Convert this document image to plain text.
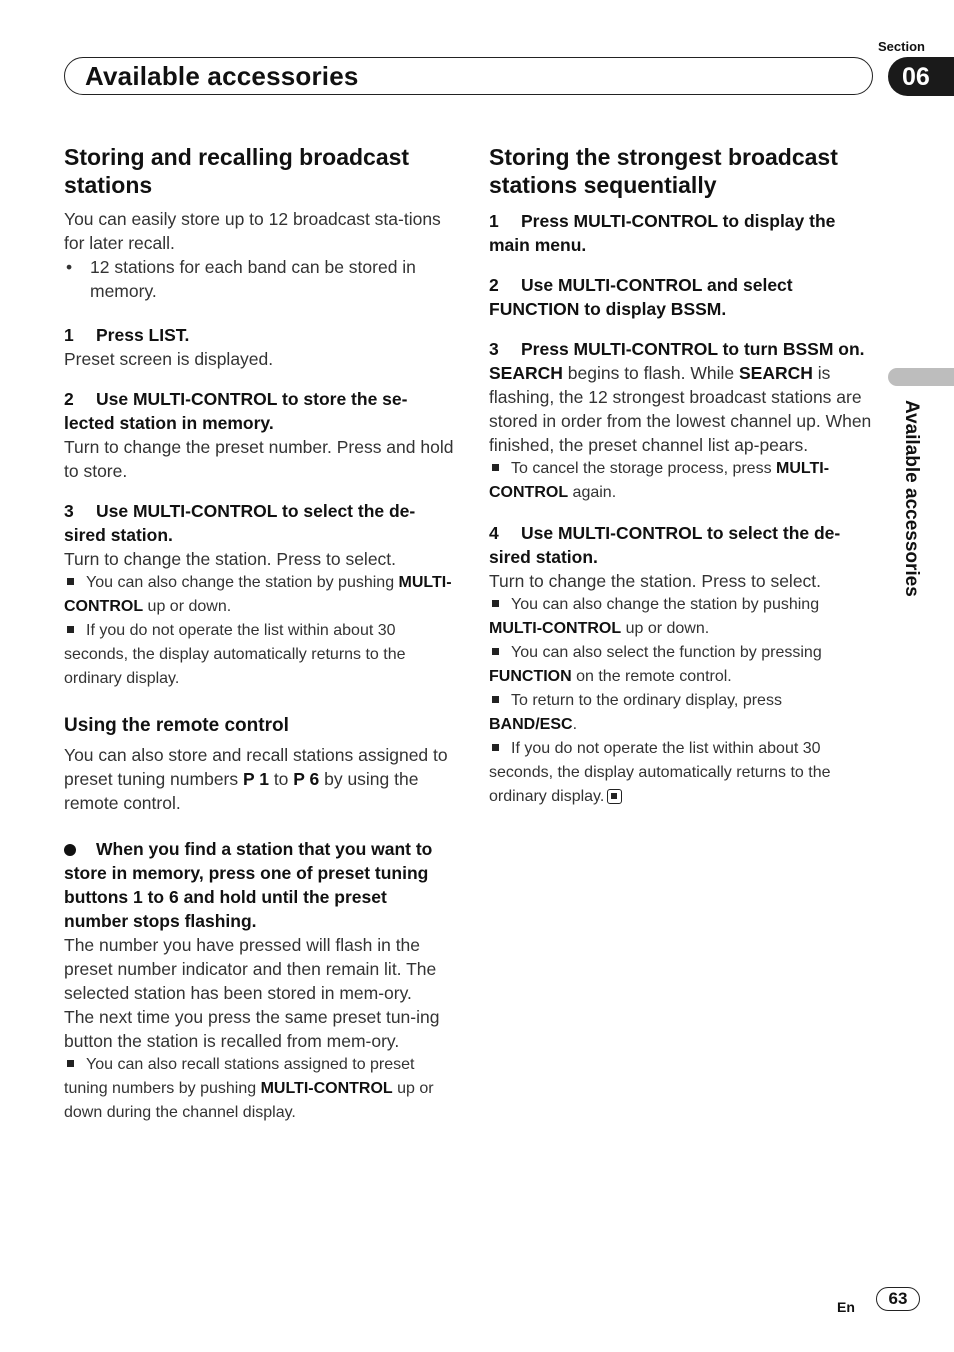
Available accessories
Section
06
Available accessories
Storing and recalling broadcast stations

You can easily store up to 12 broadcast sta-tions for later recall.

• 12 stations for each band can be stored in memory.
1 Press LIST.

Preset screen is displayed.

2 Use MULTI-CONTROL to store the se-lected station in memory.

Turn to change the preset number. Press and hold to store.

3 Use MULTI-CONTROL to select the de-sired station.

Turn to change the station. Press to select.

You can also change the station by pushing MULTI-CONTROL up or down.
If you do not operate the list within about 30 seconds, the display automatically returns to the ordinary display.
Using the remote control

You can also store and recall stations assigned to preset tuning numbers P 1 to P 6 by using the remote control.

When you find a station that you want to store in memory, press one of preset tuning buttons 1 to 6 and hold until the preset number stops flashing.

The number you have pressed will flash in the preset number indicator and then remain lit. The selected station has been stored in mem-ory.

The next time you press the same preset tun-ing button the station is recalled from mem-ory.

You can also recall stations assigned to preset tuning numbers by pushing MULTI-CONTROL up or down during the channel display.
Storing the strongest broadcast stations sequentially
1 Press MULTI-CONTROL to display the main menu.
2 Use MULTI-CONTROL and select FUNCTION to display BSSM.
3 Press MULTI-CONTROL to turn BSSM on.

SEARCH begins to flash. While SEARCH is flashing, the 12 strongest broadcast stations are stored in order from the lowest channel up. When finished, the preset channel list ap-pears.

To cancel the storage process, press MULTI-CONTROL again.
4 Use MULTI-CONTROL to select the de-sired station.

Turn to change the station. Press to select.

You can also change the station by pushing MULTI-CONTROL up or down.
You can also select the function by pressing FUNCTION on the remote control.
To return to the ordinary display, press BAND/ESC.
If you do not operate the list within about 30 seconds, the display automatically returns to the ordinary display.
En	63
